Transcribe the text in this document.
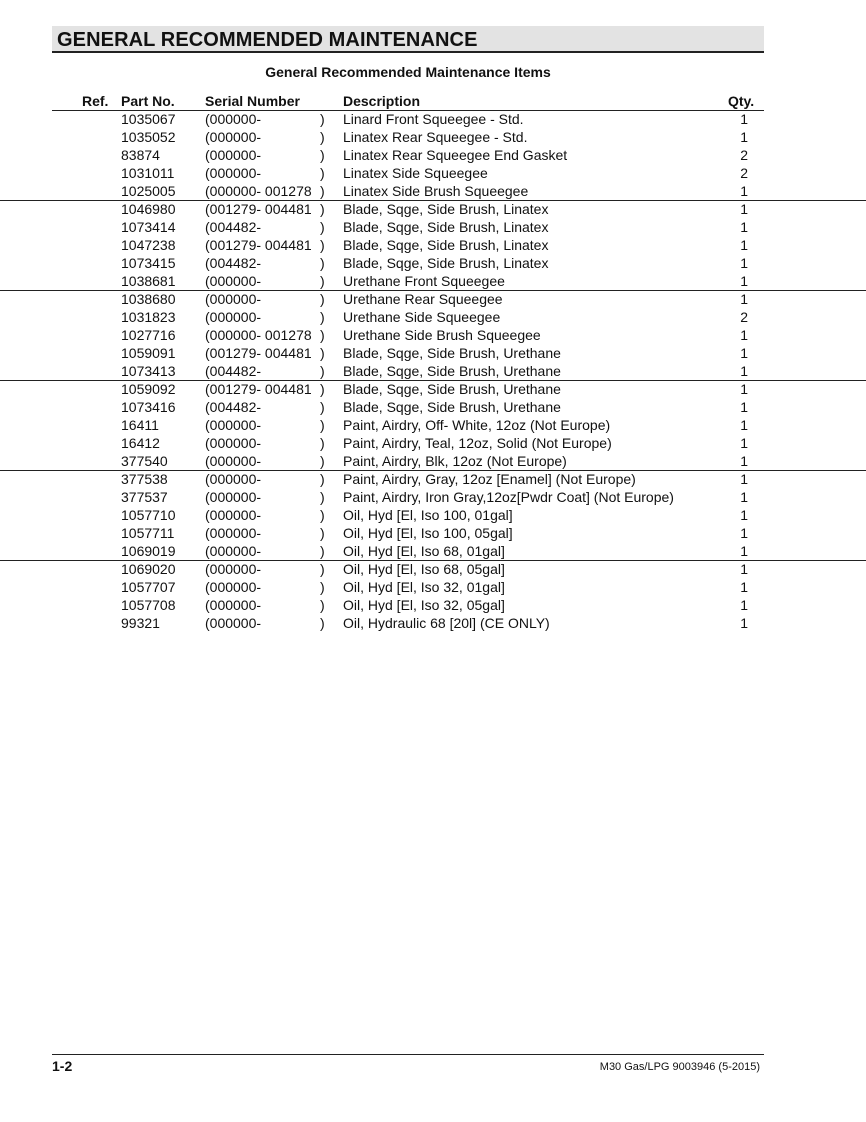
GENERAL RECOMMENDED MAINTENANCE
General Recommended Maintenance Items
Ref. Part No. Serial Number	Description	Qty.
1035067 (000000-	) Linard Front Squeegee - Std.	1
1035052 (000000-	) Linatex Rear Squeegee - Std.	1
83874	(000000-	) Linatex Rear Squeegee End Gasket	2
1031011 (000000-	) Linatex Side Squeegee	2
1025005 (000000- 001278 ) Linatex Side Brush Squeegee	1
1046980 (001279- 004481 ) Blade, Sqge, Side Brush, Linatex	1
1073414 (004482-	) Blade, Sqge, Side Brush, Linatex	1
1047238 (001279- 004481 ) Blade, Sqge, Side Brush, Linatex	1
1073415 (004482-	) Blade, Sqge, Side Brush, Linatex	1
1038681 (000000-	) Urethane Front Squeegee	1
1038680 (000000-	) Urethane Rear Squeegee	1
1031823 (000000-	) Urethane Side Squeegee	2
1027716 (000000- 001278 ) Urethane Side Brush Squeegee	1
1059091 (001279- 004481 ) Blade, Sqge, Side Brush, Urethane	1
1073413 (004482-	) Blade, Sqge, Side Brush, Urethane	1
1059092 (001279- 004481 ) Blade, Sqge, Side Brush, Urethane	1
1073416 (004482-	) Blade, Sqge, Side Brush, Urethane	1
16411	(000000-	) Paint, Airdry, Off- White, 12oz (Not Europe)	1
16412	(000000-	) Paint, Airdry, Teal, 12oz, Solid (Not Europe)	1
377540	(000000-	) Paint, Airdry, Blk, 12oz (Not Europe)	1
377538	(000000-	) Paint, Airdry, Gray, 12oz [Enamel] (Not Europe)	1
377537	(000000-	) Paint, Airdry, Iron Gray,12oz[Pwdr Coat] (Not Europe)	1
1057710 (000000-	) Oil, Hyd [El, Iso 100, 01gal]	1
1057711 (000000-	) Oil, Hyd [El, Iso 100, 05gal]	1
1069019 (000000-	) Oil, Hyd [El, Iso 68, 01gal]	1
1069020 (000000-	) Oil, Hyd [El, Iso 68, 05gal]	1
1057707 (000000-	) Oil, Hyd [El, Iso 32, 01gal]	1
1057708 (000000-	) Oil, Hyd [El, Iso 32, 05gal]	1
99321	(000000-	) Oil, Hydraulic 68 [20l] (CE ONLY)	1
1-2	M30 Gas/LPG 9003946 (5-2015)
